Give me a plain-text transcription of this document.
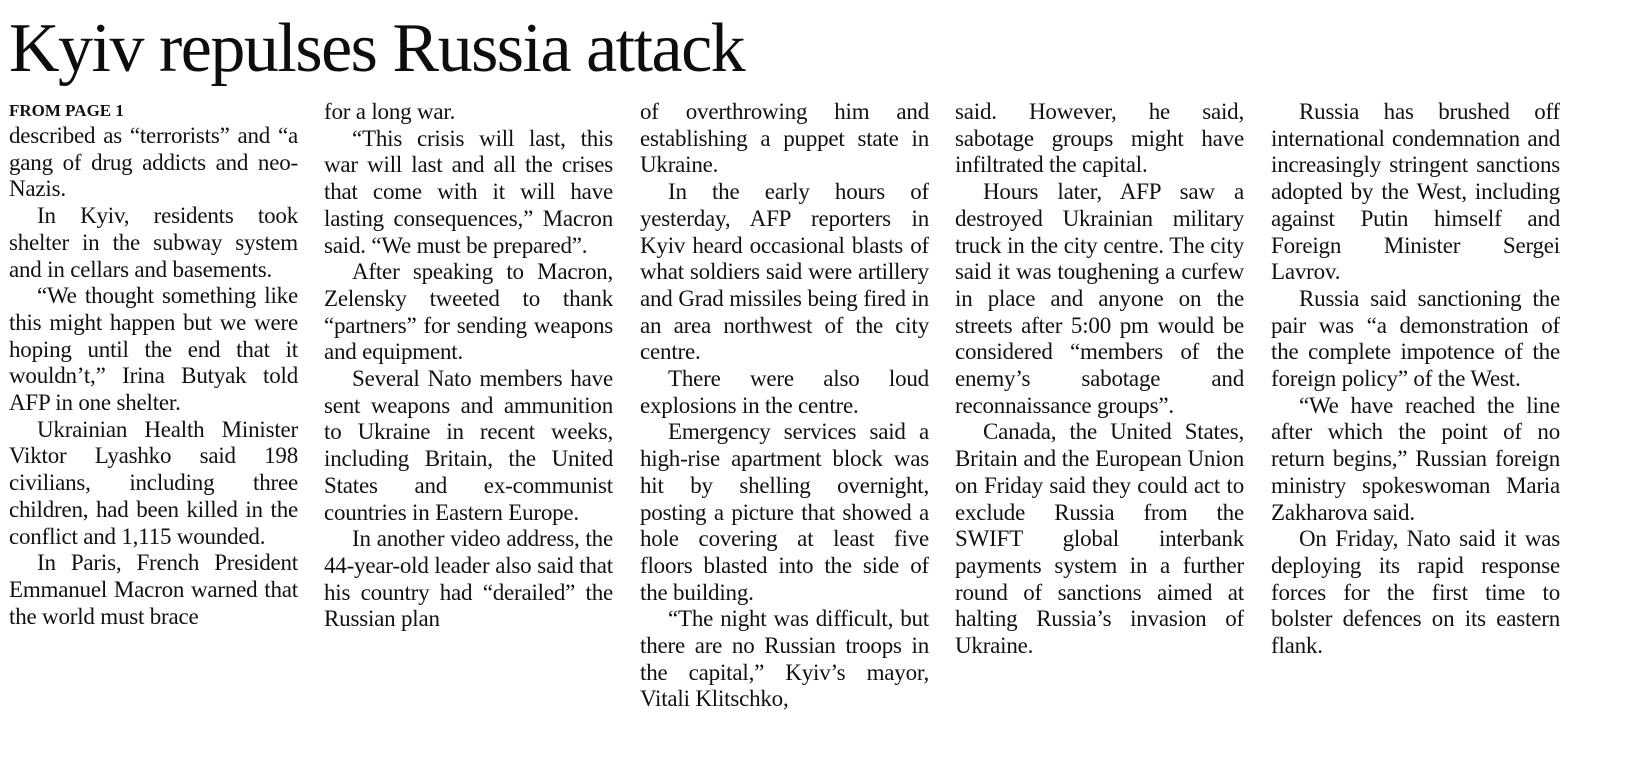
Kyiv repulses Russia attack
FROM PAGE 1

described as “terrorists” and “a gang of drug addicts and neo-Nazis.

In Kyiv, residents took shelter in the subway system and in cellars and basements.

“We thought something like this might happen but we were hoping until the end that it wouldn’t,” Irina Butyak told AFP in one shelter.

Ukrainian Health Minister Viktor Lyashko said 198 civilians, including three children, had been killed in the conflict and 1,115 wounded.

In Paris, French President Emmanuel Macron warned that the world must brace

for a long war.

“This crisis will last, this war will last and all the crises that come with it will have lasting consequences,” Macron said. “We must be prepared”.

After speaking to Macron, Zelensky tweeted to thank “partners” for sending weapons and equipment.

Several Nato members have sent weapons and ammunition to Ukraine in recent weeks, including Britain, the United States and ex-communist countries in Eastern Europe.

In another video address, the 44-year-old leader also said that his country had “derailed” the Russian plan

of overthrowing him and establishing a puppet state in Ukraine.

In the early hours of yesterday, AFP reporters in Kyiv heard occasional blasts of what soldiers said were artillery and Grad missiles being fired in an area northwest of the city centre.

There were also loud explosions in the centre.

Emergency services said a high-rise apartment block was hit by shelling overnight, posting a picture that showed a hole covering at least five floors blasted into the side of the building.

“The night was difficult, but there are no Russian troops in the capital,” Kyiv’s mayor, Vitali Klitschko,

said. However, he said, sabotage groups might have infiltrated the capital.

Hours later, AFP saw a destroyed Ukrainian military truck in the city centre. The city said it was toughening a curfew in place and anyone on the streets after 5:00 pm would be considered “members of the enemy’s sabotage and reconnaissance groups”.

Canada, the United States, Britain and the European Union on Friday said they could act to exclude Russia from the SWIFT global interbank payments system in a further round of sanctions aimed at halting Russia’s invasion of Ukraine.

Russia has brushed off international condemnation and increasingly stringent sanctions adopted by the West, including against Putin himself and Foreign Minister Sergei Lavrov.

Russia said sanctioning the pair was “a demonstration of the complete impotence of the foreign policy” of the West.

“We have reached the line after which the point of no return begins,” Russian foreign ministry spokeswoman Maria Zakharova said.

On Friday, Nato said it was deploying its rapid response forces for the first time to bolster defences on its eastern flank.
